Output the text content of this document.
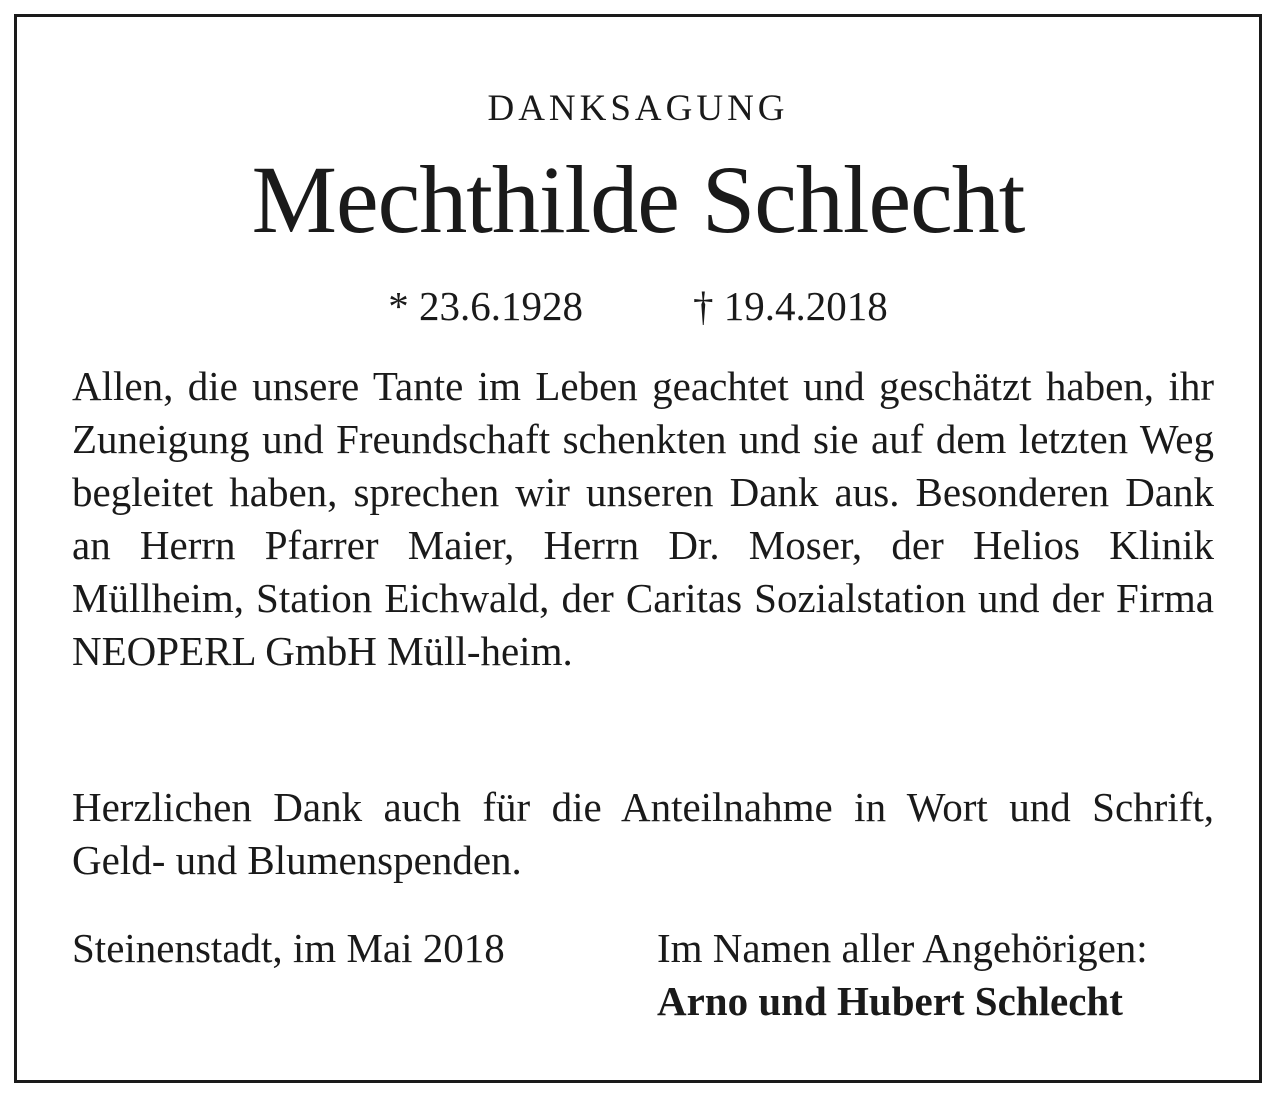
DANKSAGUNG
Mechthilde Schlecht
* 23.6.1928	† 19.4.2018

Allen, die unsere Tante im Leben geachtet und geschätzt haben, ihr Zuneigung und Freundschaft schenkten und sie auf dem letzten Weg begleitet haben, sprechen wir unseren Dank aus. Besonderen Dank an Herrn Pfarrer Maier, Herrn Dr. Moser, der Helios Klinik Müllheim, Station Eichwald, der Caritas Sozialstation und der Firma NEOPERL GmbH Müll-heim.

Herzlichen Dank auch für die Anteilnahme in Wort und Schrift, Geld- und Blumenspenden.

Steinenstadt, im Mai 2018	Im Namen aller Angehörigen:
Arno und Hubert Schlecht
